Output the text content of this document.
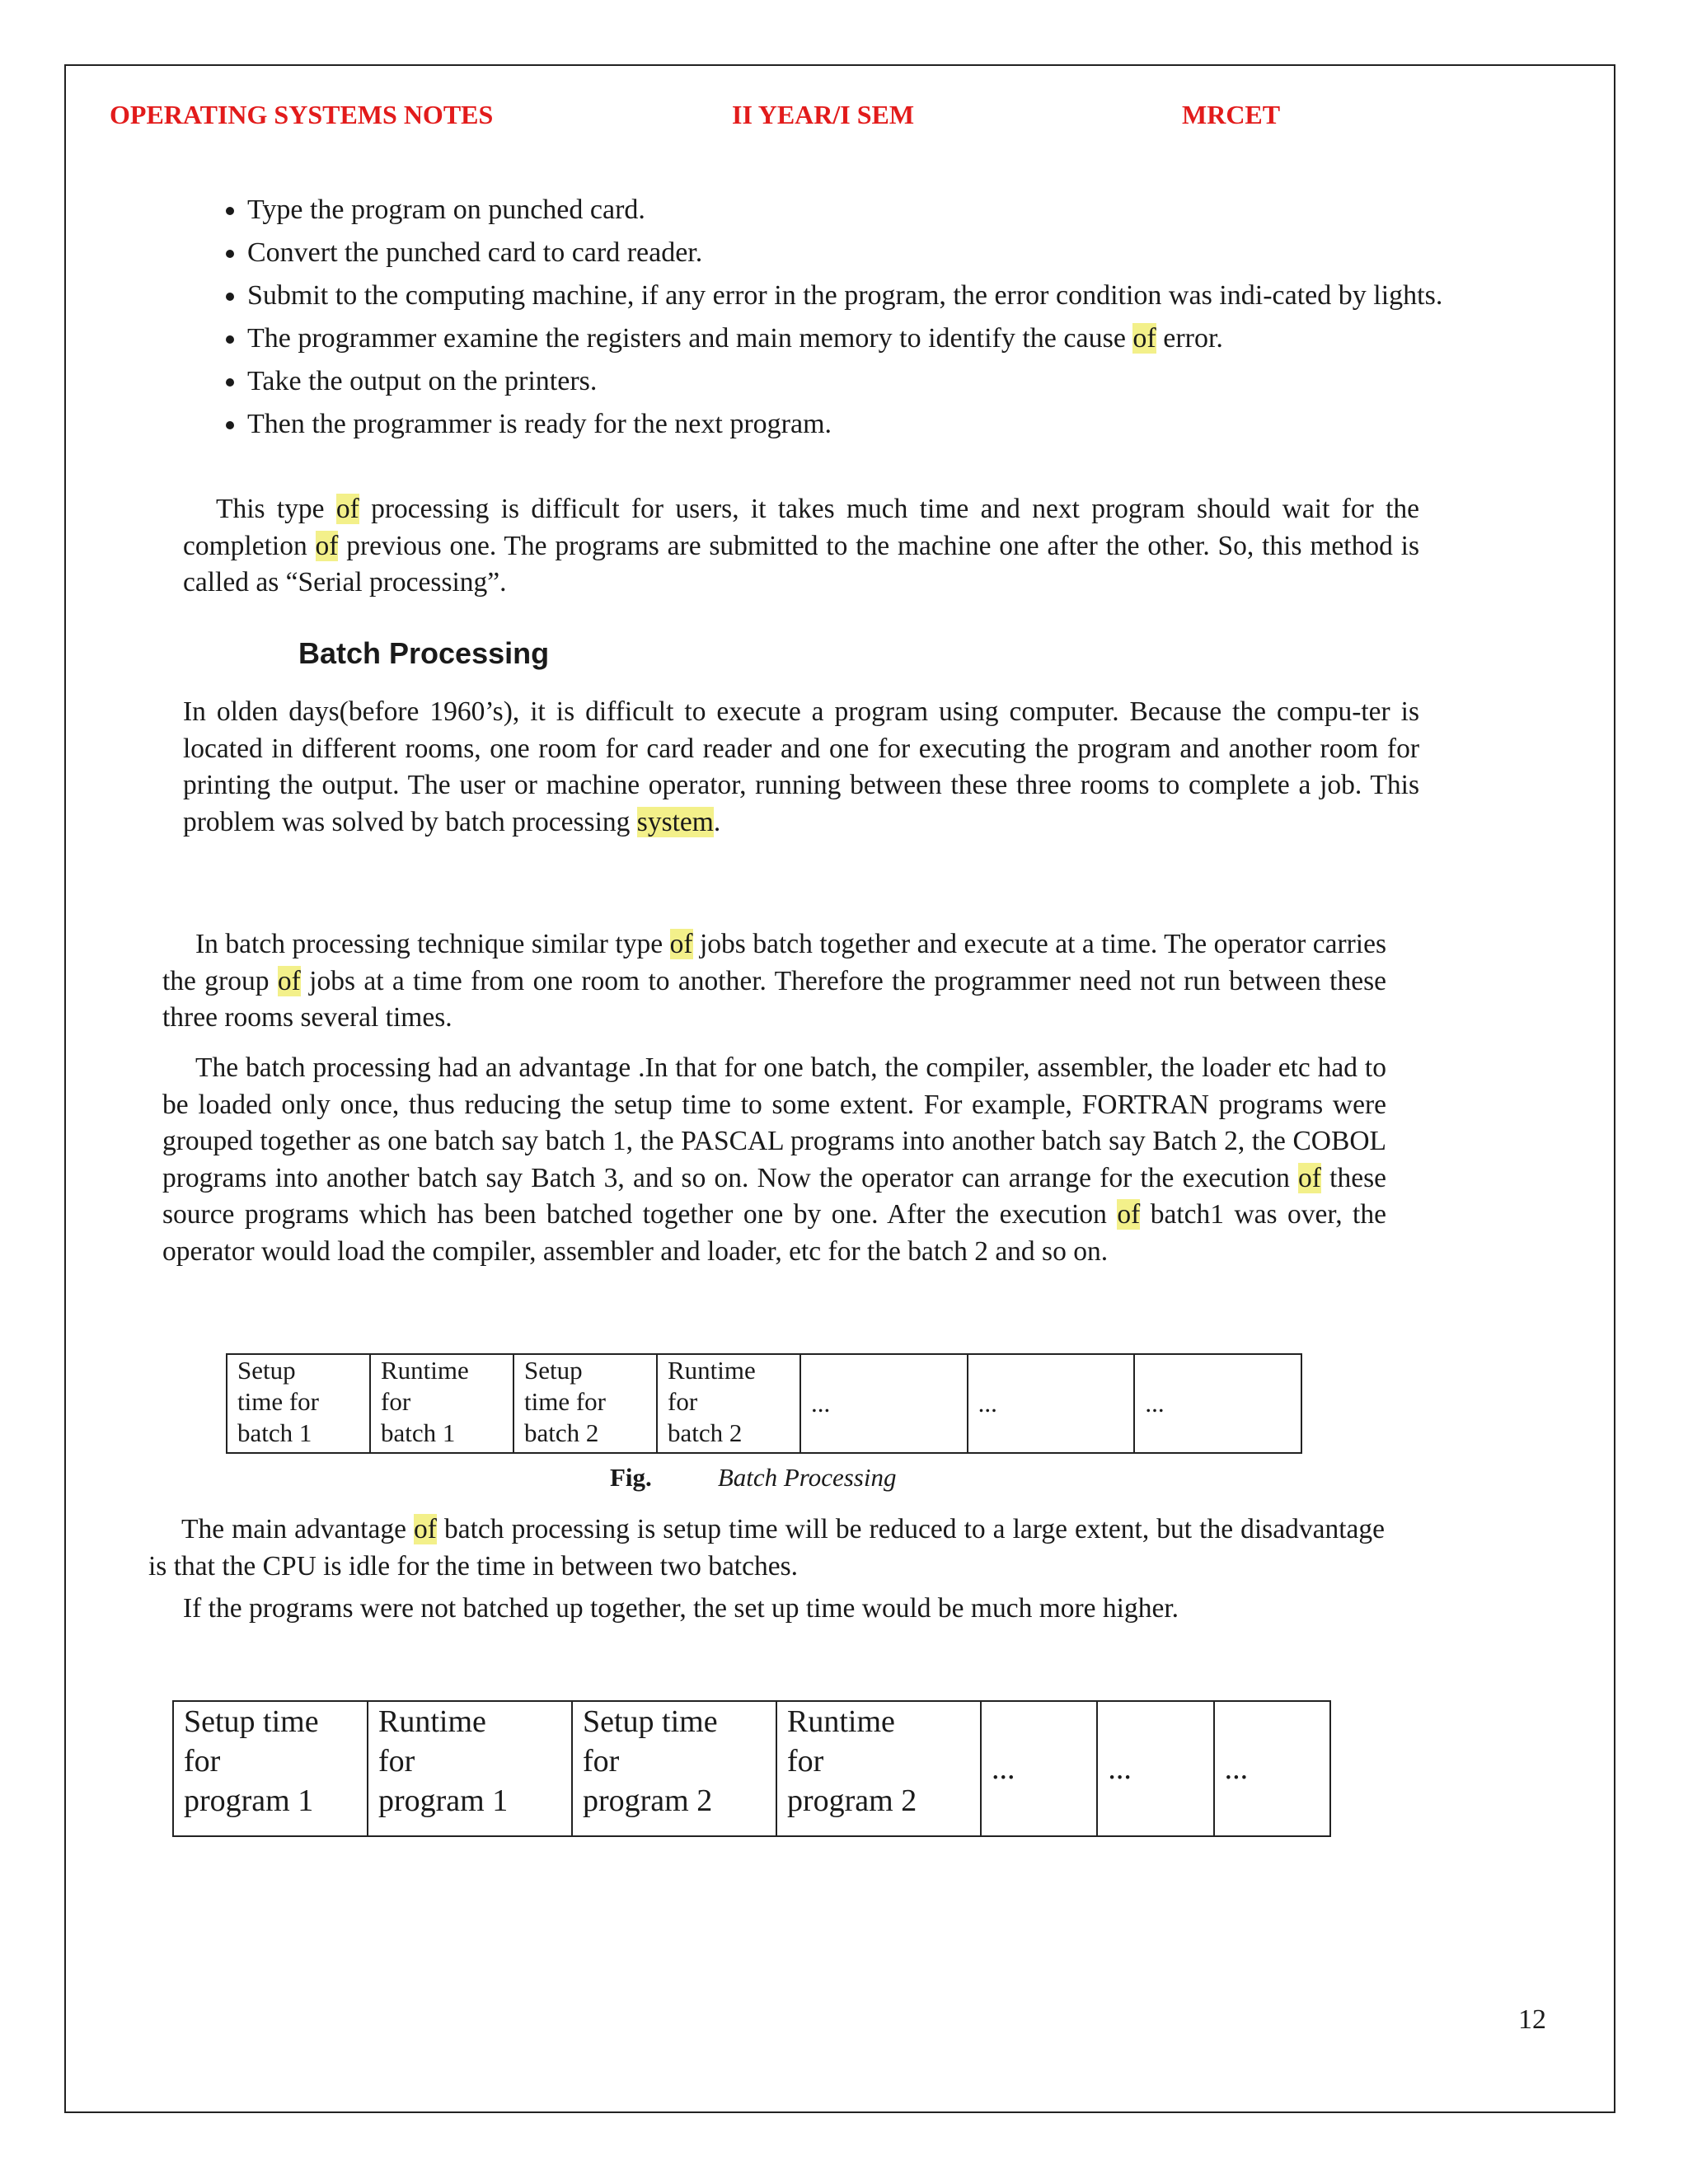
OPERATING SYSTEMS NOTES	II YEAR/I SEM	MRCET
• Type the program on punched card.
• Convert the punched card to card reader.
• Submit to the computing machine, if any error in the program, the error condition was indi-cated by lights.
• The programmer examine the registers and main memory to identify the cause of error.
• Take the output on the printers.
• Then the programmer is ready for the next program.

This type of processing is difficult for users, it takes much time and next program should wait for the completion of previous one. The programs are submitted to the machine one after the other. So, this method is called as “Serial processing”.

Batch Processing

In olden days(before 1960’s), it is difficult to execute a program using computer. Because the compu-ter is located in different rooms, one room for card reader and one for executing the program and another room for printing the output. The user or machine operator, running between these three rooms to complete a job. This problem was solved by batch processing system.

In batch processing technique similar type of jobs batch together and execute at a time. The operator carries the group of jobs at a time from one room to another. Therefore the programmer need not run between these three rooms several times.

The batch processing had an advantage .In that for one batch, the compiler, assembler, the loader etc had to be loaded only once, thus reducing the setup time to some extent. For example, FORTRAN programs were grouped together as one batch say batch 1, the PASCAL programs into another batch say Batch 2, the COBOL programs into another batch say Batch 3, and so on. Now the operator can arrange for the execution of these source programs which has been batched together one by one. After the execution of batch1 was over, the operator would load the compiler, assembler and loader, etc for the batch 2 and so on.

Setup
time for
batch 1	Runtime
for
batch 1	Setup
time for
batch 2	Runtime
for
batch 2	...	...	...
Fig.	Batch Processing

The main advantage of batch processing is setup time will be reduced to a large extent, but the disadvantage is that the CPU is idle for the time in between two batches.

If the programs were not batched up together, the set up time would be much more higher.

Setup time
for
program 1	Runtime
for
program 1	Setup time
for
program 2	Runtime
for
program 2	...	...	...
12
